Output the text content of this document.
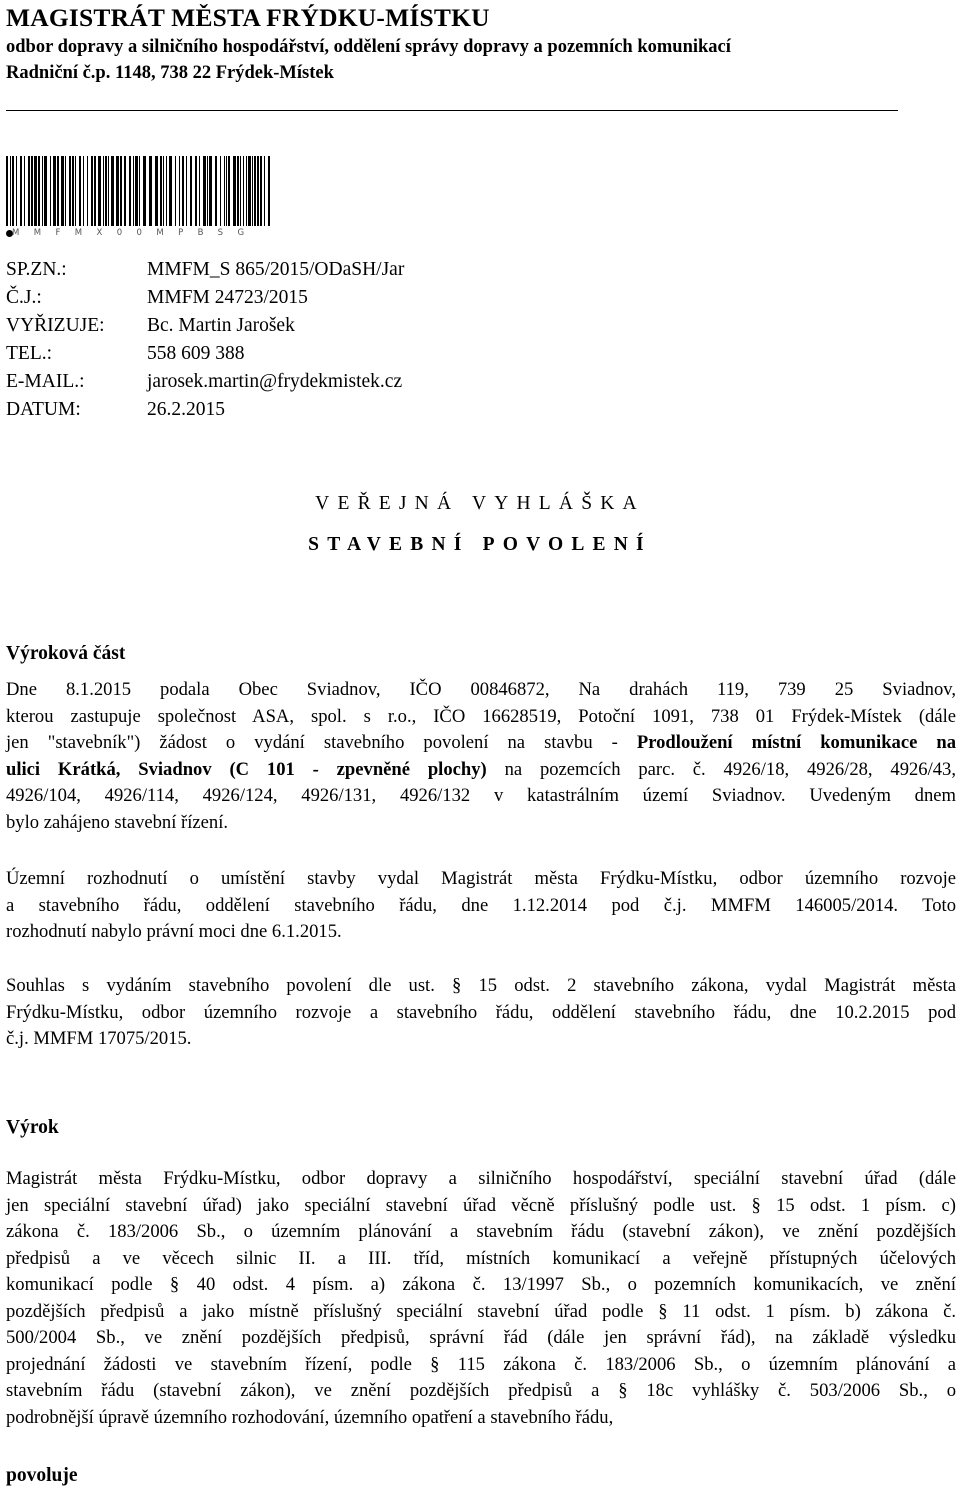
MAGISTRÁT MĚSTA FRÝDKU-MÍSTKU
odbor dopravy a silničního hospodářství, oddělení správy dopravy a pozemních komunikací
Radniční č.p. 1148, 738 22 Frýdek-Místek
MMFMX00MPBSG
SP.ZN.:	MMFM_S 865/2015/ODaSH/Jar
Č.J.:	MMFM 24723/2015
VYŘIZUJE: Bc. Martin Jarošek
TEL.:	558 609 388
E-MAIL.:	jarosek.martin@frydekmistek.cz
DATUM:	26.2.2015
VEŘEJNÁ VYHLÁŠKA
STAVEBNÍ POVOLENÍ
Výroková část
Dne 8.1.2015 podala Obec Sviadnov, IČO 00846872, Na drahách 119, 739 25 Sviadnov,
kterou zastupuje společnost ASA, spol. s r.o., IČO 16628519, Potoční 1091, 738 01 Frýdek-Místek (dále
jen "stavebník") žádost o vydání stavebního povolení na stavbu - Prodloužení místní komunikace na
ulici Krátká, Sviadnov (C 101 - zpevněné plochy) na pozemcích parc. č. 4926/18, 4926/28, 4926/43,
4926/104, 4926/114, 4926/124, 4926/131, 4926/132 v katastrálním území Sviadnov. Uvedeným dnem
bylo zahájeno stavební řízení.
Územní rozhodnutí o umístění stavby vydal Magistrát města Frýdku-Místku, odbor územního rozvoje
a stavebního řádu, oddělení stavebního řádu, dne 1.12.2014 pod č.j. MMFM 146005/2014. Toto
rozhodnutí nabylo právní moci dne 6.1.2015.
Souhlas s vydáním stavebního povolení dle ust. § 15 odst. 2 stavebního zákona, vydal Magistrát města
Frýdku-Místku, odbor územního rozvoje a stavebního řádu, oddělení stavebního řádu, dne 10.2.2015 pod
č.j. MMFM 17075/2015.
Výrok
Magistrát města Frýdku-Místku, odbor dopravy a silničního hospodářství, speciální stavební úřad (dále
jen speciální stavební úřad) jako speciální stavební úřad věcně příslušný podle ust. § 15 odst. 1 písm. c)
zákona č. 183/2006 Sb., o územním plánování a stavebním řádu (stavební zákon), ve znění pozdějších
předpisů a ve věcech silnic II. a III. tříd, místních komunikací a veřejně přístupných účelových
komunikací podle § 40 odst. 4 písm. a) zákona č. 13/1997 Sb., o pozemních komunikacích, ve znění
pozdějších předpisů a jako místně příslušný speciální stavební úřad podle § 11 odst. 1 písm. b) zákona č.
500/2004 Sb., ve znění pozdějších předpisů, správní řád (dále jen správní řád), na základě výsledku
projednání žádosti ve stavebním řízení, podle § 115 zákona č. 183/2006 Sb., o územním plánování a
stavebním řádu (stavební zákon), ve znění pozdějších předpisů a § 18c vyhlášky č. 503/2006 Sb., o
podrobnější úpravě územního rozhodování, územního opatření a stavebního řádu,
povoluje
